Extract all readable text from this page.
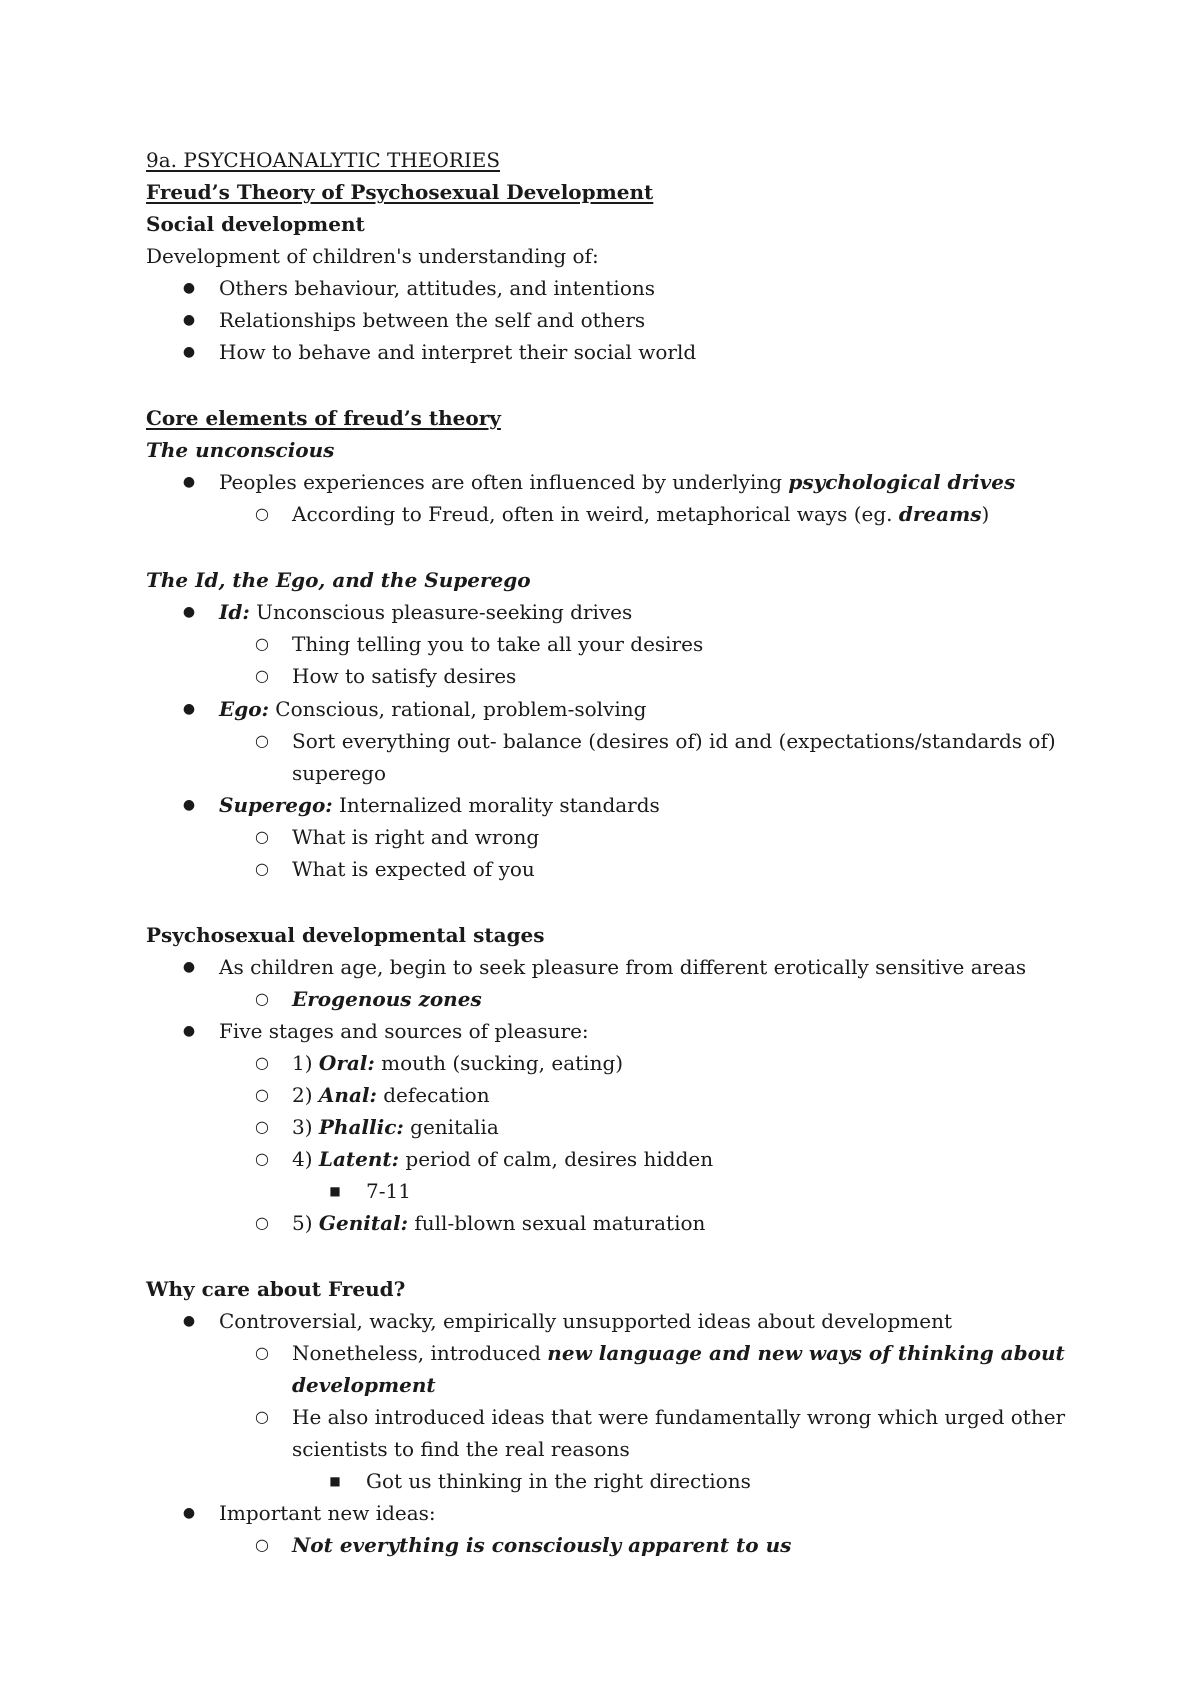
9a. PSYCHOANALYTIC THEORIES
Freud’s Theory of Psychosexual Development
Social development
Development of children's understanding of:
●	Others behaviour, attitudes, and intentions
●	Relationships between the self and others
●	How to behave and interpret their social world
Core elements of freud’s theory
The unconscious
●	Peoples experiences are often influenced by underlying psychological drives
○	According to Freud, often in weird, metaphorical ways (eg. dreams)
The Id, the Ego, and the Superego
●	Id: Unconscious pleasure-seeking drives
○	Thing telling you to take all your desires
○	How to satisfy desires
●	Ego: Conscious, rational, problem-solving
○	Sort everything out- balance (desires of) id and (expectations/standards of)
superego
●	Superego: Internalized morality standards
○	What is right and wrong
○	What is expected of you
Psychosexual developmental stages
●	As children age, begin to seek pleasure from different erotically sensitive areas
○	Erogenous zones
●	Five stages and sources of pleasure:
○	1) Oral: mouth (sucking, eating)
○	2) Anal: defecation
○	3) Phallic: genitalia
○	4) Latent: period of calm, desires hidden
■	7-11
○	5) Genital: full-blown sexual maturation
Why care about Freud?
●	Controversial, wacky, empirically unsupported ideas about development
○	Nonetheless, introduced new language and new ways of thinking about
development
○	He also introduced ideas that were fundamentally wrong which urged other
scientists to find the real reasons
■	Got us thinking in the right directions
●	Important new ideas:
○	Not everything is consciously apparent to us
